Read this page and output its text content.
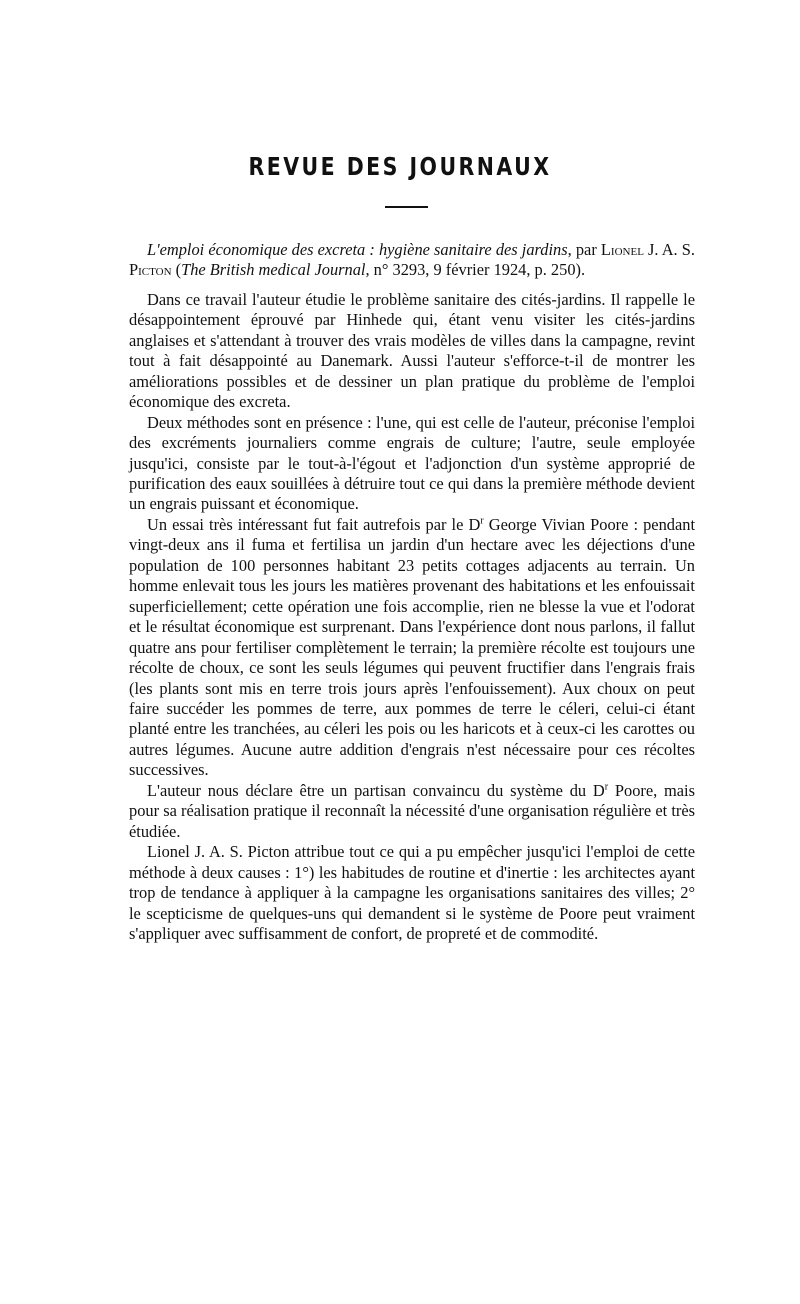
REVUE DES JOURNAUX

L'emploi économique des excreta : hygiène sanitaire des jardins, par Lionel J. A. S. Picton (The British medical Journal, n° 3293, 9 février 1924, p. 250).

Dans ce travail l'auteur étudie le problème sanitaire des cités-jardins. Il rappelle le désappointement éprouvé par Hinhede qui, étant venu visiter les cités-jardins anglaises et s'attendant à trouver des vrais modèles de villes dans la campagne, revint tout à fait désappointé au Danemark. Aussi l'auteur s'efforce-t-il de montrer les améliorations possibles et de dessiner un plan pratique du problème de l'emploi économique des excreta.

Deux méthodes sont en présence : l'une, qui est celle de l'auteur, préconise l'emploi des excréments journaliers comme engrais de culture; l'autre, seule employée jusqu'ici, consiste par le tout-à-l'égout et l'adjonction d'un système approprié de purification des eaux souillées à détruire tout ce qui dans la première méthode devient un engrais puissant et économique.

Un essai très intéressant fut fait autrefois par le $D^r$ George Vivian Poore : pendant vingt-deux ans il fuma et fertilisa un jardin d'un hectare avec les déjections d'une population de 100 personnes habitant 23 petits cottages adjacents au terrain. Un homme enlevait tous les jours les matières provenant des habitations et les enfouissait superficiellement; cette opération une fois accomplie, rien ne blesse la vue et l'odorat et le résultat économique est surprenant. Dans l'expérience dont nous parlons, il fallut quatre ans pour fertiliser complètement le terrain; la première récolte est toujours une récolte de choux, ce sont les seuls légumes qui peuvent fructifier dans l'engrais frais (les plants sont mis en terre trois jours après l'enfouissement). Aux choux on peut faire succéder les pommes de terre, aux pommes de terre le céleri, celui-ci étant planté entre les tranchées, au céleri les pois ou les haricots et à ceux-ci les carottes ou autres légumes. Aucune autre addition d'engrais n'est nécessaire pour ces récoltes successives.

L'auteur nous déclare être un partisan convaincu du système du $D^r$ Poore, mais pour sa réalisation pratique il reconnaît la nécessité d'une organisation régulière et très étudiée.

Lionel J. A. S. Picton attribue tout ce qui a pu empêcher jusqu'ici l'emploi de cette méthode à deux causes : 1°) les habitudes de routine et d'inertie : les architectes ayant trop de tendance à appliquer à la campagne les organisations sanitaires des villes; 2° le scepticisme de quelques-uns qui demandent si le système de Poore peut vraiment s'appliquer avec suffisamment de confort, de propreté et de commodité.
